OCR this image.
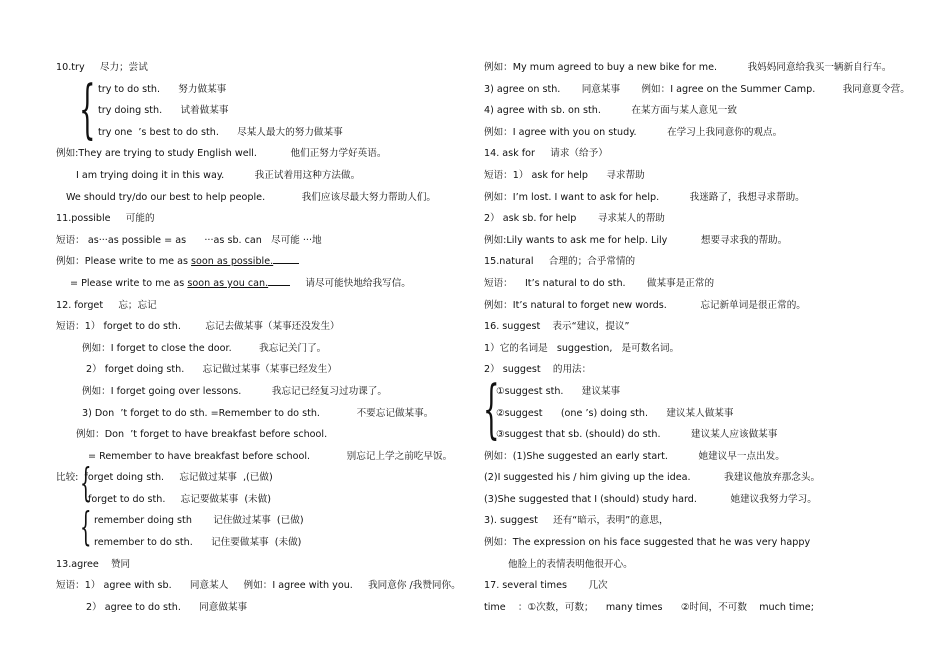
10.try     尽力；尝试
try to do sth.      努力做某事
try doing sth.      试着做某事
try one  ’s best to do sth.      尽某人最大的努力做某事
例如:They are trying to study English well.           他们正努力学好英语。
I am trying doing it in this way.          我正试着用这种方法做。
We should try/do our best to help people.            我们应该尽最大努力帮助人们。
11.possible     可能的
短语： as···as possible = as      ···as sb. can   尽可能 ···地
例如：Please write to me as soon as possible.
= Please write to me as soon as you can.     请尽可能快地给我写信。
12. forget     忘；忘记
短语：1） forget to do sth.        忘记去做某事（某事还没发生）
例如：I forget to close the door.         我忘记关门了。
2） forget doing sth.      忘记做过某事（某事已经发生）
例如：I forget going over lessons.          我忘记已经复习过功课了。
3) Don  ’t forget to do sth. =Remember to do sth.            不要忘记做某事。
例如：Don  ’t forget to have breakfast before school.
= Remember to have breakfast before school.            别忘记上学之前吃早饭。
比较:  forget doing sth.     忘记做过某事  ,(已做)
forget to do sth.     忘记要做某事  (未做)
remember doing sth       记住做过某事  (已做)
remember to do sth.      记住要做某事  (未做)
13.agree    赞同
短语：1） agree with sb.      同意某人     例如：I agree with you.     我同意你 /我赞同你。
2） agree to do sth.      同意做某事
例如：My mum agreed to buy a new bike for me.          我妈妈同意给我买一辆新自行车。
3) agree on sth.       同意某事       例如：I agree on the Summer Camp.         我同意夏令营。
4) agree with sb. on sth.          在某方面与某人意见一致
例如：I agree with you on study.          在学习上我同意你的观点。
14. ask for     请求（给予）
短语：1） ask for help      寻求帮助
例如：I’m lost. I want to ask for help.          我迷路了，我想寻求帮助。
2） ask sb. for help       寻求某人的帮助
例如:Lily wants to ask me for help. Lily           想要寻求我的帮助。
15.natural     合理的；合乎常情的
短语：    It’s natural to do sth.       做某事是正常的
例如：It’s natural to forget new words.           忘记新单词是很正常的。
16. suggest    表示“建议，提议”
1）它的名词是   suggestion,   是可数名词。
2） suggest    的用法：
①suggest sth.      建议某事
②suggest      (one ’s) doing sth.      建议某人做某事
③suggest that sb. (should) do sth.          建议某人应该做某事
例如：(1)She suggested an early start.          她建议早一点出发。
(2)I suggested his / him giving up the idea.           我建议他放弃那念头。
(3)She suggested that I (should) study hard.           她建议我努力学习。
3). suggest     还有“暗示，表明”的意思，
例如：The expression on his face suggested that he was very happy
他脸上的表情表明他很开心。
17. several times       几次
time    ：①次数，可数；    many times      ②时间，不可数    much time;
{
{
{
{
